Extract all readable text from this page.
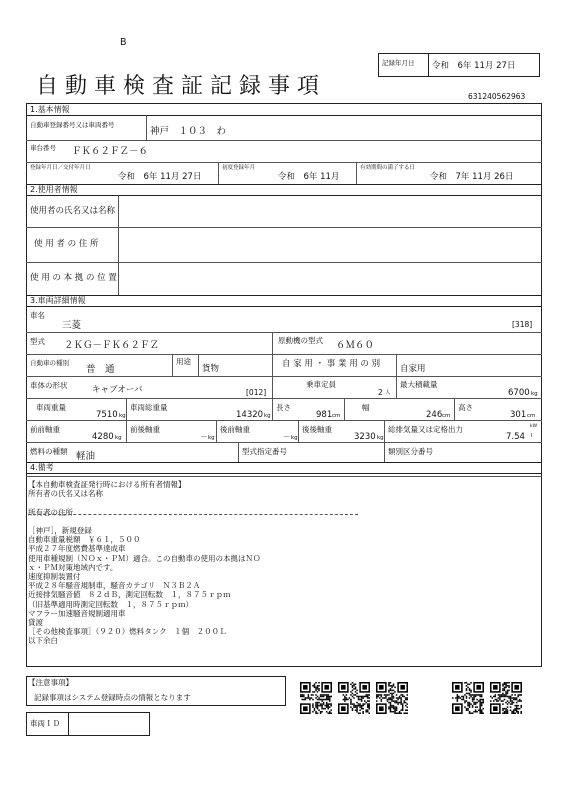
B
自動車検査証記録事項
記録年月日 令和　6年 11月 27日
631240562963
1.基本情報
自動車登録番号又は車両番号
神戸　１０３　わ
車台番号 ＦＫ６２ＦＺ－６
登録年月日／交付年月日
令和　6年 11月 27日
初度登録年月
令和　6年 11月
有効期間の満了する日
令和　7年 11月 26日
2.使用者情報
使用者の氏名又は名称
使 用 者 の 住 所
使 用 の 本 拠 の 位 置
3.車両詳細情報
車名
三菱	[318]
型式 ２ＫＧ－ＦＫ６２ＦＺ	原動機の型式 ６Ｍ６０
自動車の種別
普　通
用途
貨物	自 家 用 ・ 事 業 用 の 別 自家用
車体の形状	キャブオーバ	[012]
乗車定員
2 人
最大積載量
6700 kg
車両重量
7510 kg
車両総重量
14320 kg
長さ
981 cm
幅
246 cm
高さ
301 cm
前前軸重
4280 kg
前後軸重
－ kg
後前軸重
－ kg
後後軸重
3230 kg
総排気量又は定格出力
7.54
kW
l
燃料の種類 軽油	型式指定番号	類別区分番号
4.備考
【本自動車検査証発行時における所有者情報】
所有者の氏名又は名称

所有者の住所

［神戸］，新規登録
自動車重量税額　￥６１，５００
平成２７年度燃費基準達成車
使用車種規制（ＮＯｘ・ＰＭ）適合。この自動車の使用の本拠はＮＯ
ｘ・ＰＭ対策地域内です。
速度抑制装置付
平成２８年騒音規制車，騒音カテゴリ　Ｎ３Ｂ２Ａ
近接排気騒音値　８２ｄＢ，測定回転数　１，８７５ｒｐｍ
（旧基準適用時測定回転数　１，８７５ｒｐｍ）
マフラー加速騒音規制適用車
貸渡
［その他検査事項］（９２０）燃料タンク　１個　２００Ｌ
以下余白
【注意事項】
記録事項はシステム登録時点の情報となります
車両ＩＤ
